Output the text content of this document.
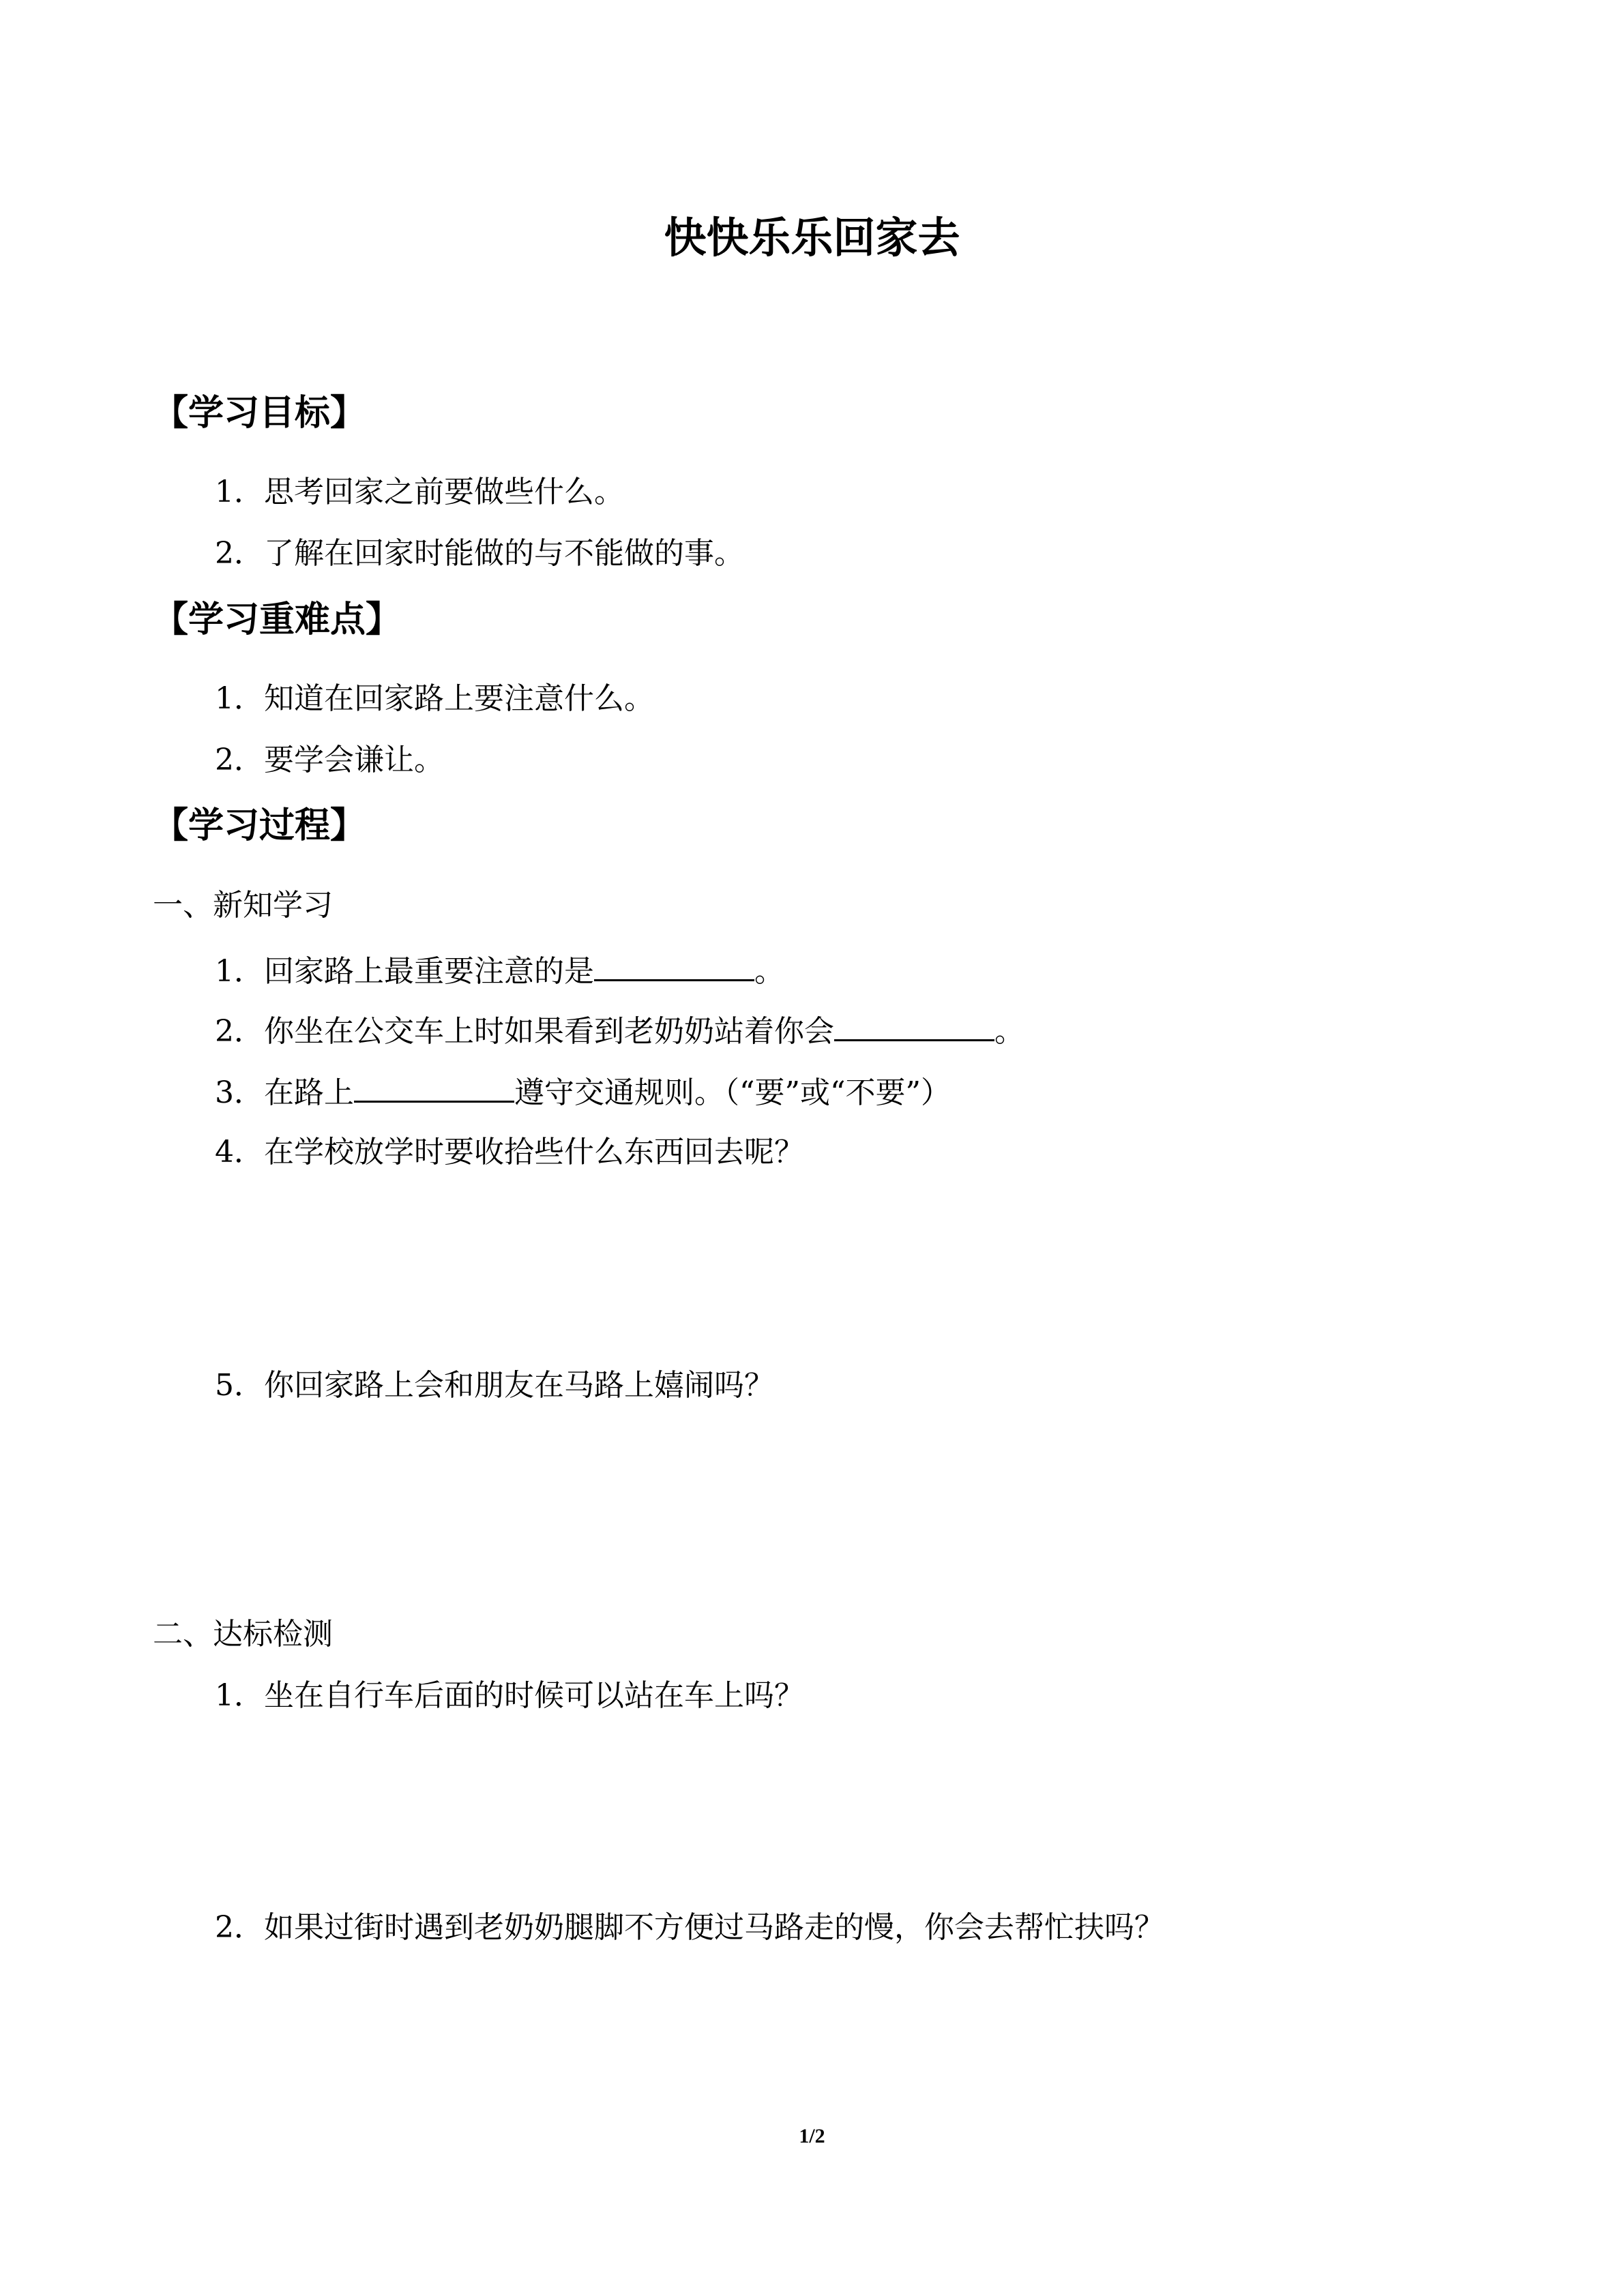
快快乐乐回家去
【学习目标】
1．思考回家之前要做些什么。
2．了解在回家时能做的与不能做的事。
【学习重难点】
1．知道在回家路上要注意什么。
2．要学会谦让。
【学习过程】
一、新知学习
1．回家路上最重要注意的是	。
2．你坐在公交车上时如果看到老奶奶站着你会	。
3．在路上	遵守交通规则。（“要”或“不要”）
4．在学校放学时要收拾些什么东西回去呢？
5．你回家路上会和朋友在马路上嬉闹吗？
二、达标检测
1．坐在自行车后面的时候可以站在车上吗？
2．如果过街时遇到老奶奶腿脚不方便过马路走的慢，你会去帮忙扶吗？
1/2
